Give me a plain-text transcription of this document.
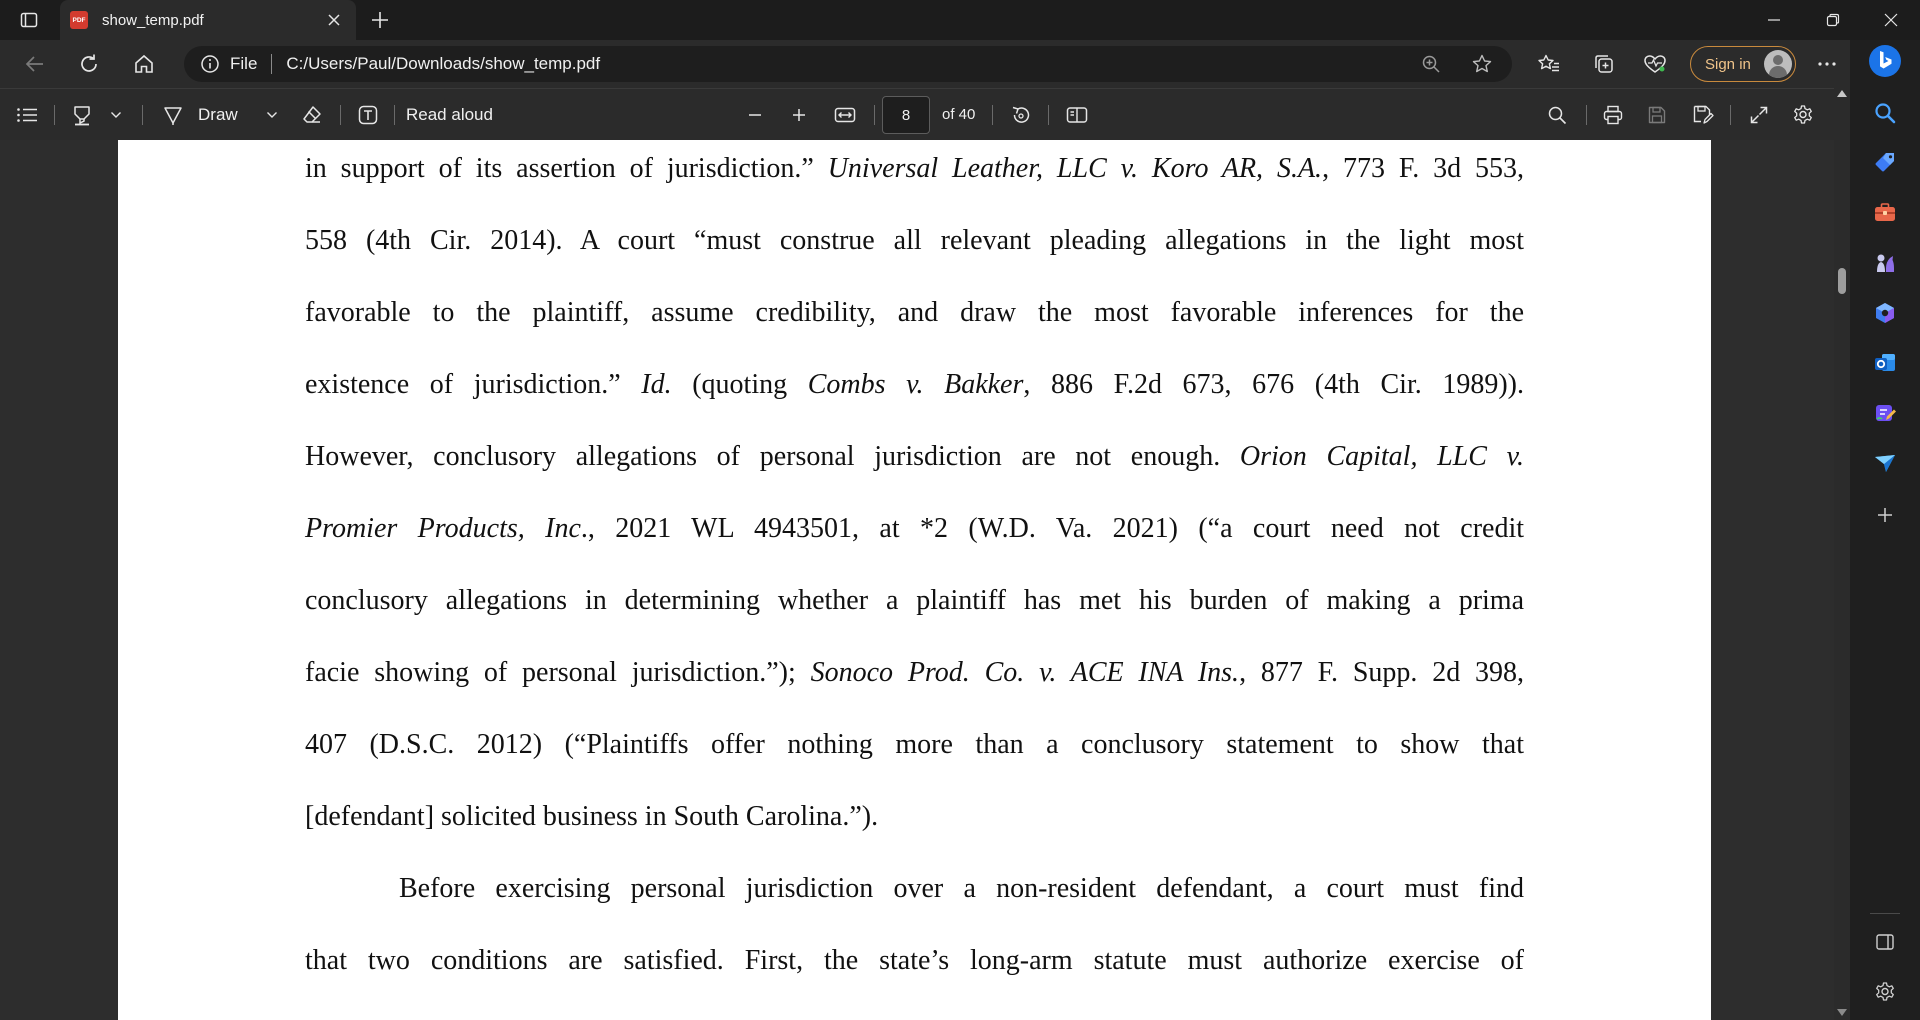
PDF show_temp.pdf
File C:/Users/Paul/Downloads/show_temp.pdf	Sign in
Draw	Read aloud
8	of 40
in support of its assertion of jurisdiction.” Universal Leather, LLC v. Koro AR, S.A., 773 F. 3d 553,
558 (4th Cir. 2014). A court “must construe all relevant pleading allegations in the light most
favorable to the plaintiff, assume credibility, and draw the most favorable inferences for the
existence of jurisdiction.” Id. (quoting Combs v. Bakker, 886 F.2d 673, 676 (4th Cir. 1989)).
However, conclusory allegations of personal jurisdiction are not enough. Orion Capital, LLC v.
Promier Products, Inc., 2021 WL 4943501, at *2 (W.D. Va. 2021) (“a court need not credit
conclusory allegations in determining whether a plaintiff has met his burden of making a prima
facie showing of personal jurisdiction.”); Sonoco Prod. Co. v. ACE INA Ins., 877 F. Supp. 2d 398,
407 (D.S.C. 2012) (“Plaintiffs offer nothing more than a conclusory statement to show that
[defendant] solicited business in South Carolina.”).
Before exercising personal jurisdiction over a non-resident defendant, a court must find
that two conditions are satisfied. First, the state’s long-arm statute must authorize exercise of
